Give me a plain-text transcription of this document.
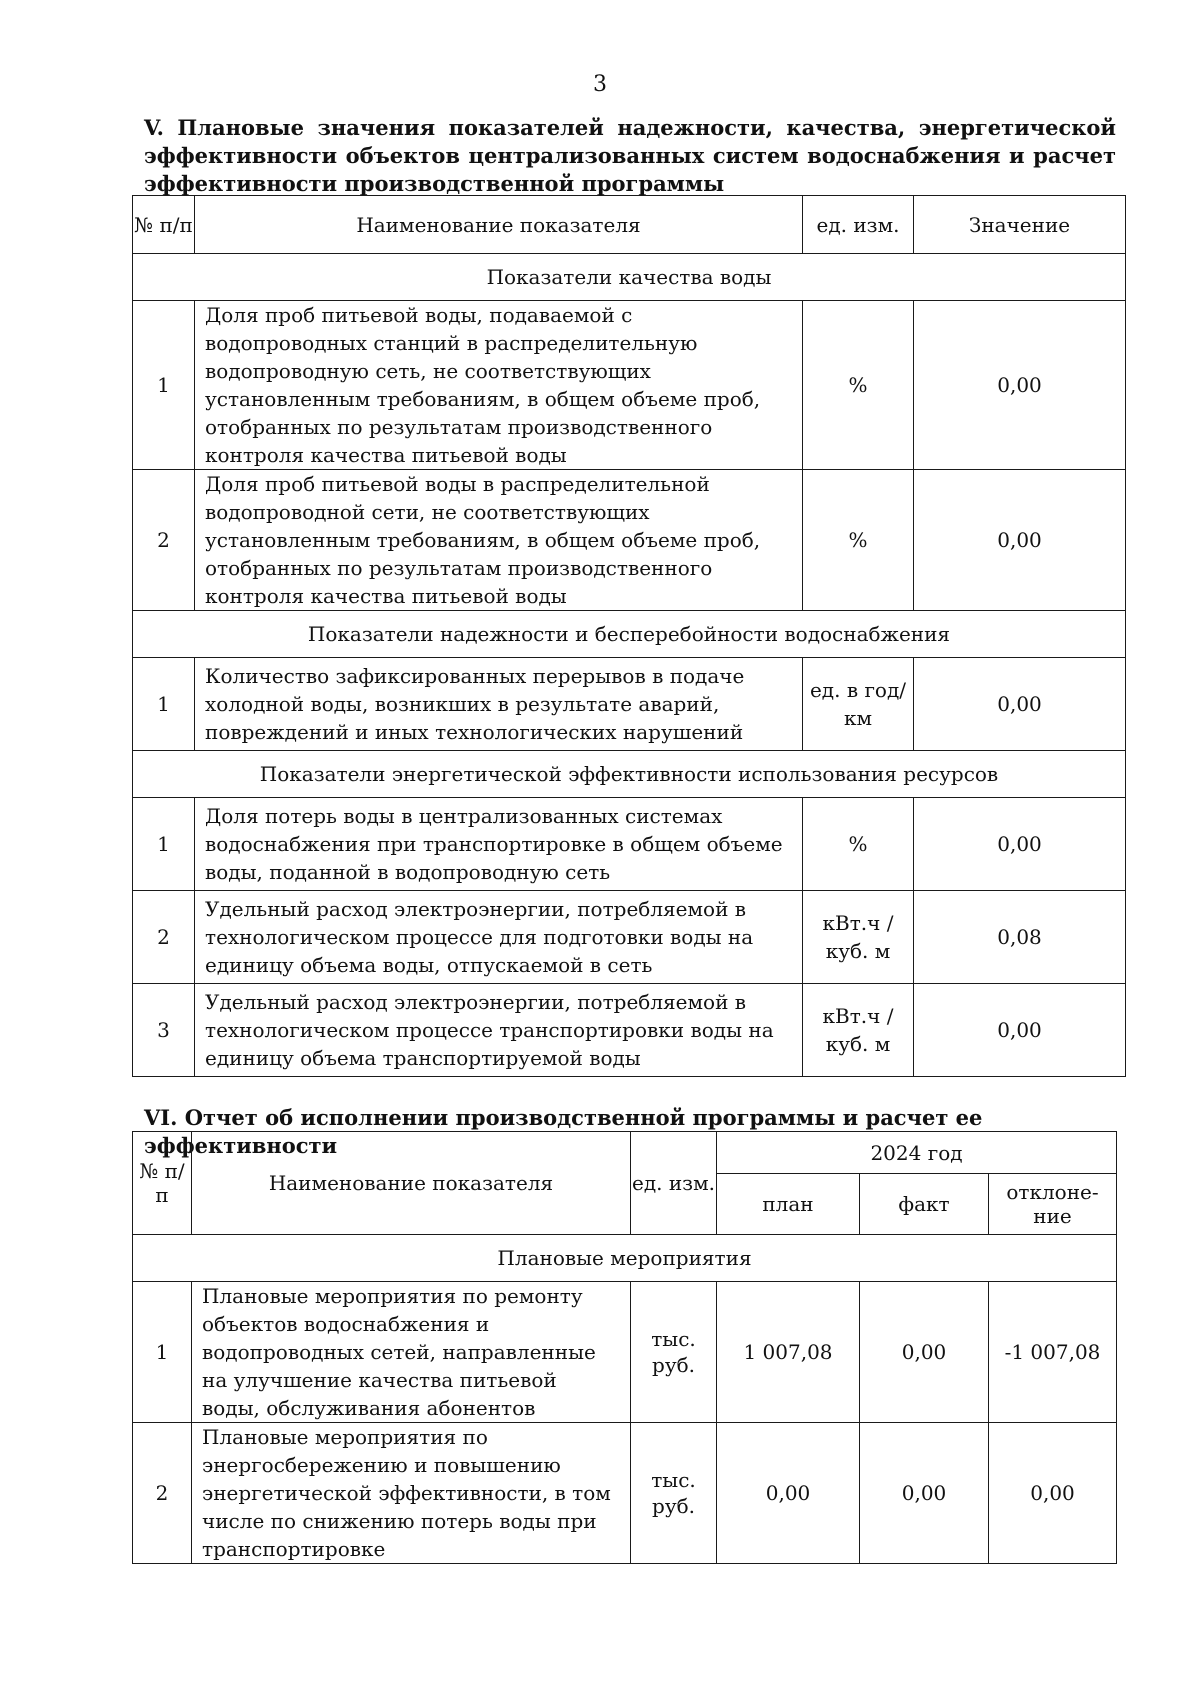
3
V. Плановые значения показателей надежности, качества, энергетической
эффективности объектов централизованных систем водоснабжения и расчет
эффективности производственной программы
№ п/п	Наименование показателя	ед. изм.	Значение
Показатели качества воды			
1	Доля проб питьевой воды, подаваемой с водопроводных станций в распределительную водопроводную сеть, не соответствующих установленным требованиям, в общем объеме проб, отобранных по результатам производственного контроля качества питьевой воды	%	0,00
2	Доля проб питьевой воды в распределительной водопроводной сети, не соответствующих установленным требованиям, в общем объеме проб, отобранных по результатам производственного контроля качества питьевой воды	%	0,00
Показатели надежности и бесперебойности водоснабжения			
1	Количество зафиксированных перерывов в подаче холодной воды, возникших в результате аварий, повреждений и иных технологических нарушений	ед. в год/ км	0,00
Показатели энергетической эффективности использования ресурсов			
1	Доля потерь воды в централизованных системах водоснабжения при транспортировке в общем объеме воды, поданной в водопроводную сеть	%	0,00
2	Удельный расход электроэнергии, потребляемой в технологическом процессе для подготовки воды на единицу объема воды, отпускаемой в сеть	кВт.ч / куб. м	0,08
3	Удельный расход электроэнергии, потребляемой в технологическом процессе транспортировки воды на единицу объема транспортируемой воды	кВт.ч / куб. м	0,00
VI. Отчет об исполнении производственной программы и расчет ее эффективности
№ п/п	Наименование показателя	ед. изм.	2024 год		
			план	факт	отклоне-ние
Плановые мероприятия					
1	Плановые мероприятия по ремонту объектов водоснабжения и водопроводных сетей, направленные на улучшение качества питьевой воды, обслуживания абонентов	тыс. руб.	1 007,08	0,00	-1 007,08
2	Плановые мероприятия по энергосбережению и повышению энергетической эффективности, в том числе по снижению потерь воды при транспортировке	тыс. руб.	0,00	0,00	0,00
